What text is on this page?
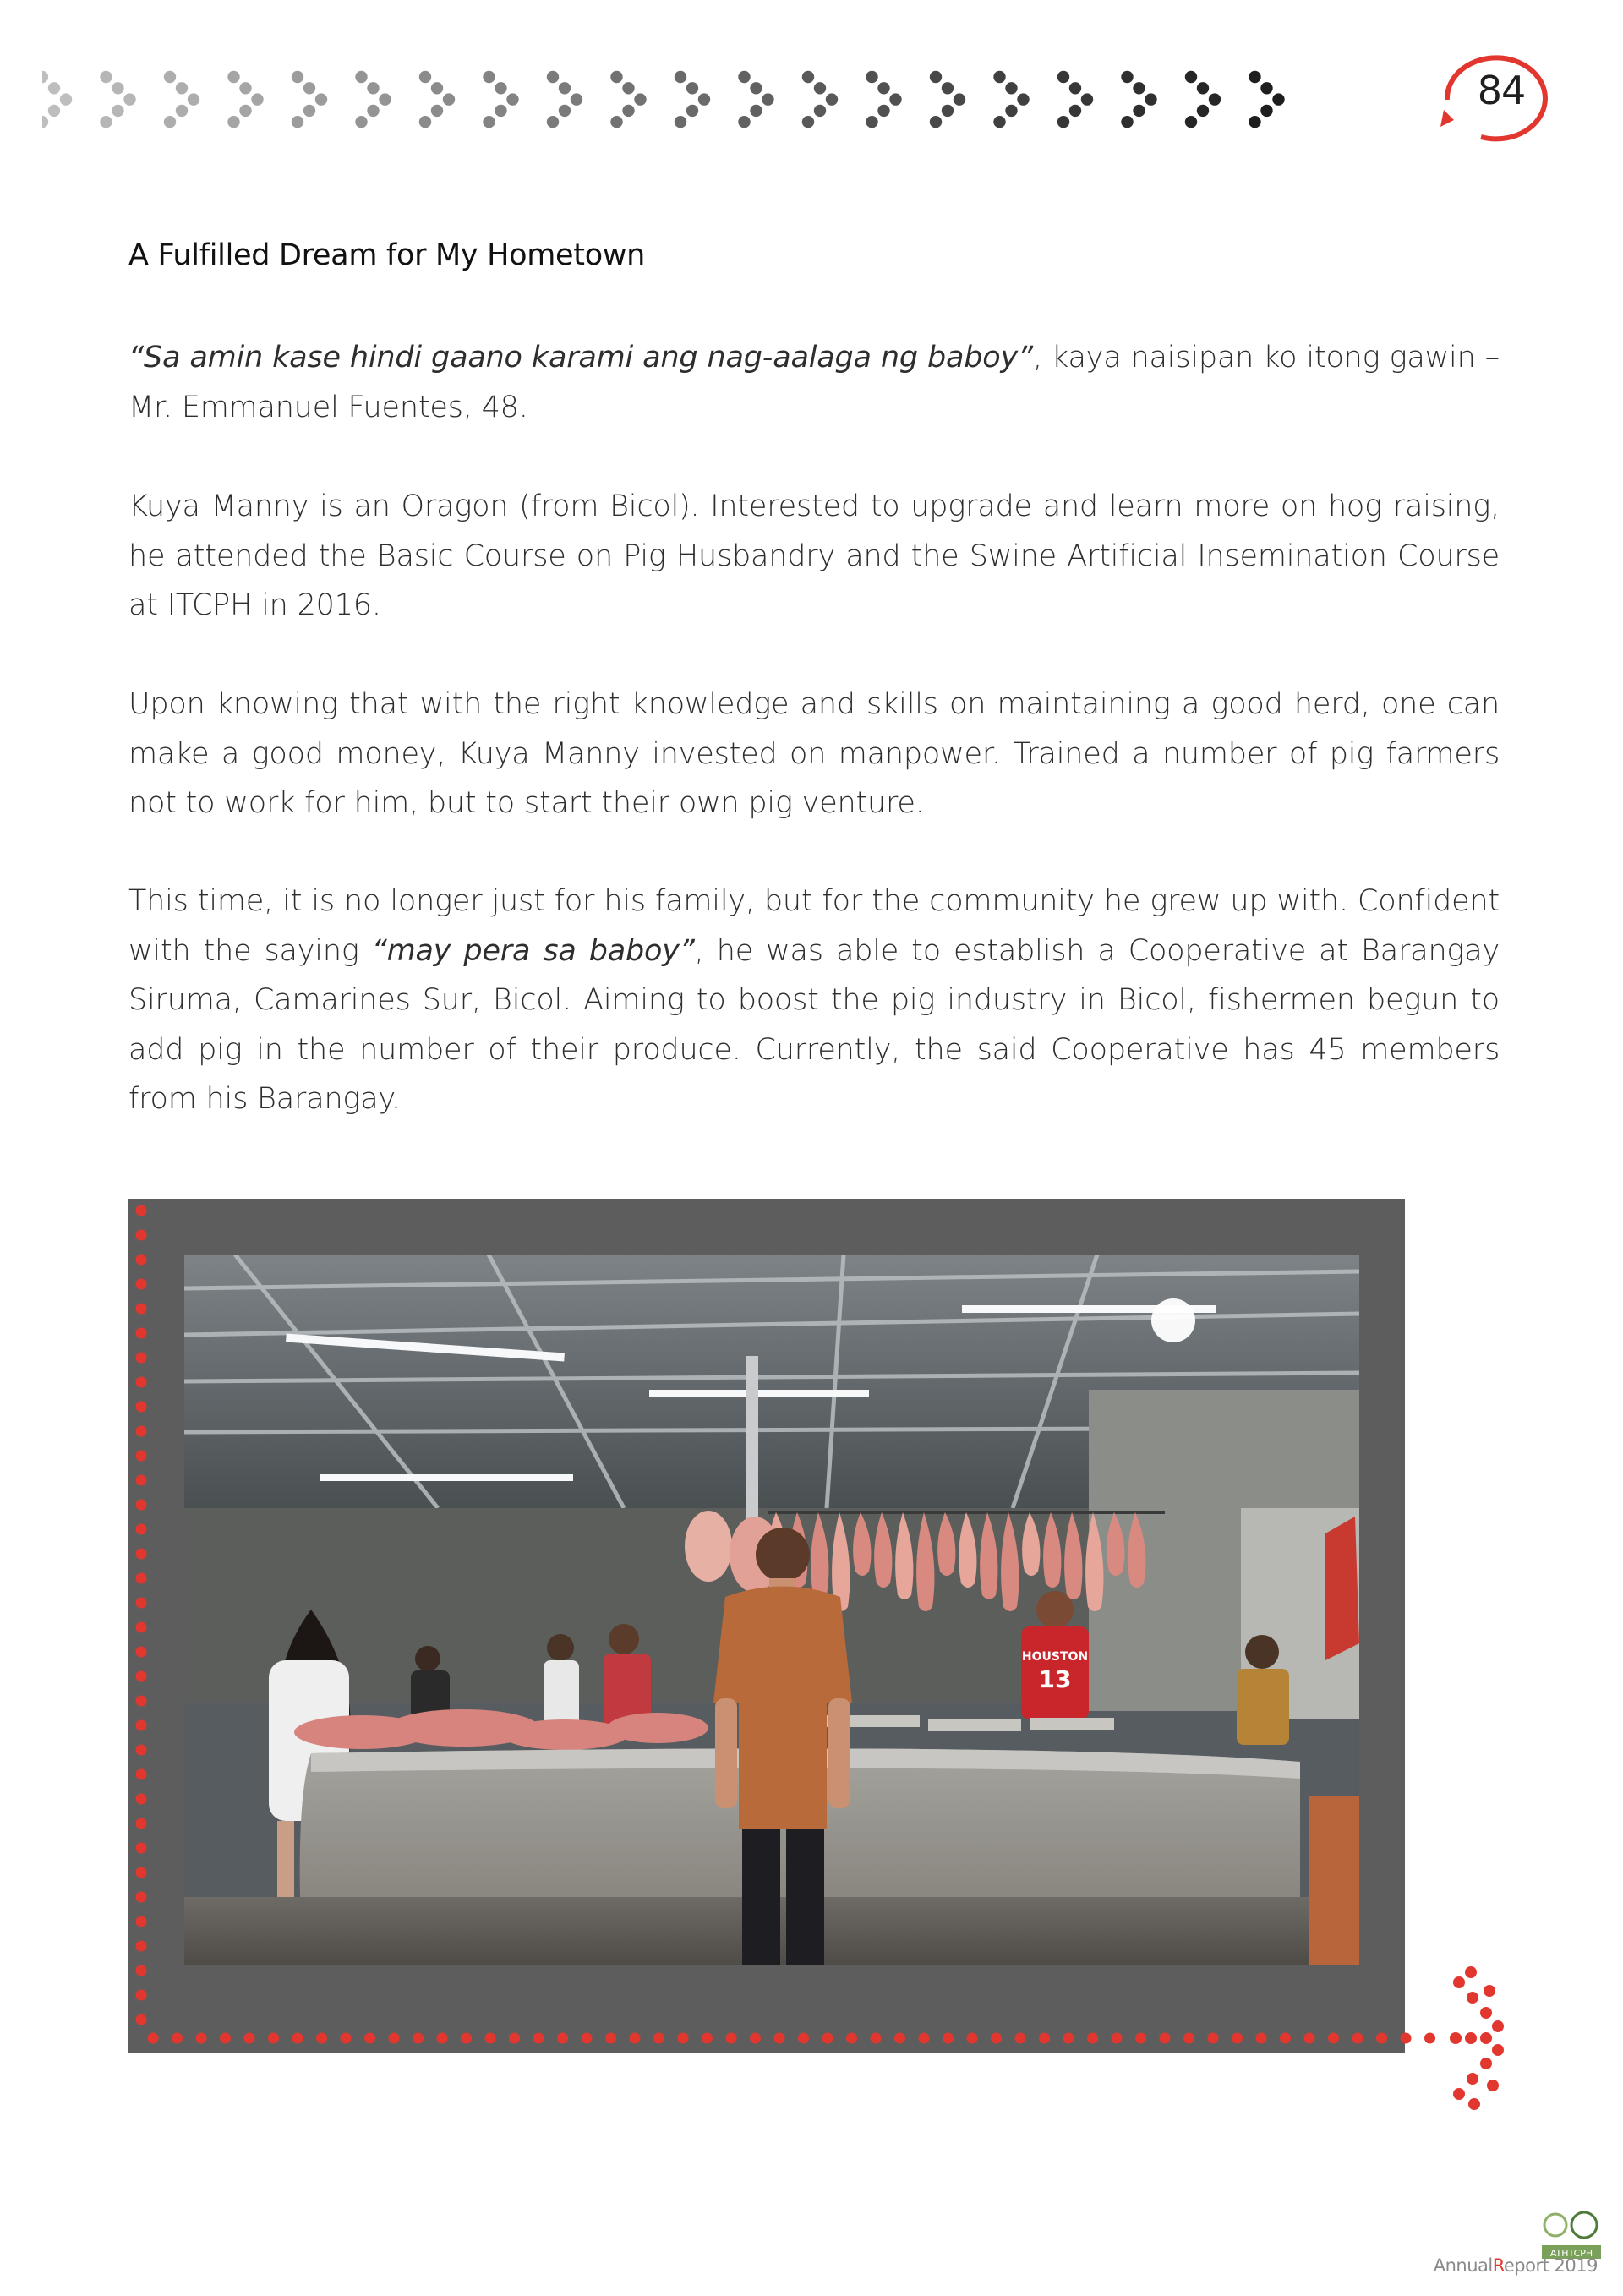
84
A Fulfilled Dream for My Hometown

“Sa amin kase hindi gaano karami ang nag-aalaga ng baboy”, kaya naisipan ko itong gawin – Mr. Emmanuel Fuentes, 48.

Kuya Manny is an Oragon (from Bicol). Interested to upgrade and learn more on hog raising, he attended the Basic Course on Pig Husbandry and the Swine Artificial Insemination Course at ITCPH in 2016.

Upon knowing that with the right knowledge and skills on maintaining a good herd, one can make a good money, Kuya Manny invested on manpower. Trained a number of pig farmers not to work for him, but to start their own pig venture.

This time, it is no longer just for his family, but for the community he grew up with. Confident with the saying “may pera sa baboy”, he was able to establish a Cooperative at Barangay Siruma, Camarines Sur, Bicol. Aiming to boost the pig industry in Bicol, fishermen begun to add pig in the number of their produce. Currently, the said Cooperative has 45 members from his Barangay.

HOUSTON
13
ATHTCPH
AnnualReport 2019
